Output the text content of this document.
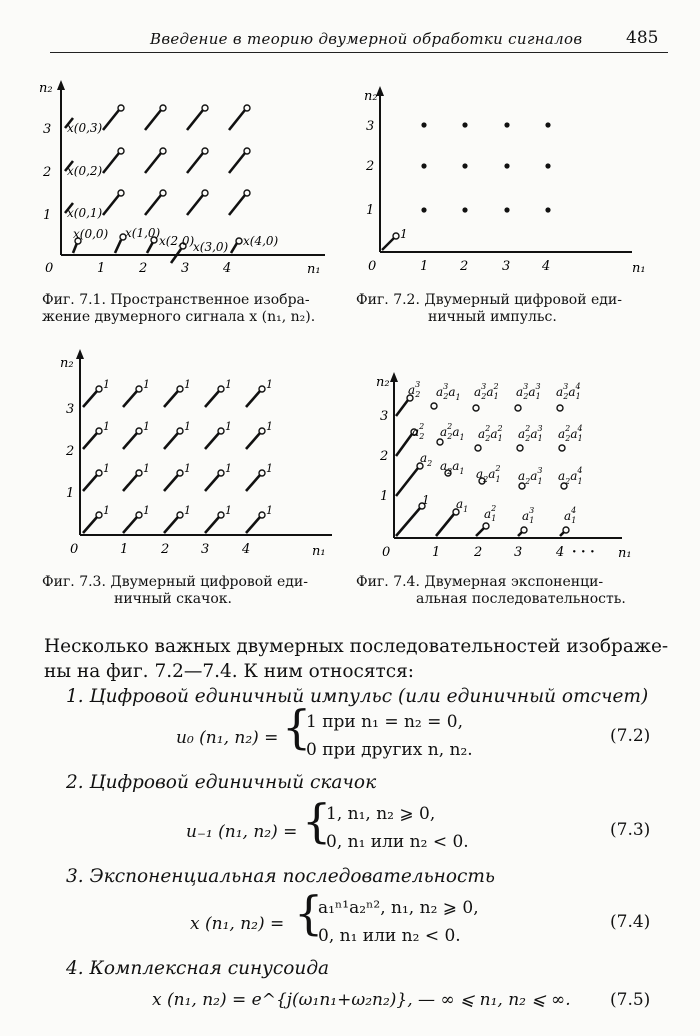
Введение в теорию двумерной обработки сигналов	485
n₂
n₁
0	1	2	3	4
1
2
3 x(0,3)
x(0,2)
x(0,1)
x(0,0) x(1,0)
x(2,0)
x(3,0) x(4,0)
Фиг. 7.1. Пространственное изобра-
жение двумерного сигнала x (n₁, n₂).
n₂
n₁
0	1 2	3 4
1
2
3
1
Фиг. 7.2. Двумерный цифровой еди-
ничный импульс.
n₂
n₁
0	1	2 3	4
1
2
3
1	1	1	1	1
1	1	1	1	1
1	1	1	1	1
1	1	1	1	1
Фиг. 7.3. Двумерный цифровой еди-
ничный скачок.
n₂
n₁
0	1	2 3	4 · · ·
1
2
3
1 $a_1$ $a^2$ 1 $a^3$ 1 $a^4$ 1
$a_2$ $a_2a_1$ $a_2a^2$ 1 $a_2a^3$ 1 $a_2a^4$ 1
$a^2$ 2 $a^2$ $2a_1$ $a^2$ $2a^2$ 1 $a^2$ $2a^3$ 1 $a^2$ $2a^4$ 1
$a^3$ 2 $a^3$ $2a_1$ $a^3$ $2a^2$ 1 $a^3$ $2a^3$ 1 $a^3$ $2a^4$ 1
Фиг. 7.4. Двумерная экспоненци-
альная последовательность.
Несколько важных двумерных последовательностей изображе-
ны на фиг. 7.2—7.4. К ним относятся:
1. Цифровой единичный импульс (или единичный отсчет)
u₀ (n₁, n₂) = {
1 при n₁ = n₂ = 0,
0 при других n, n₂.
(7.2)
2. Цифровой единичный скачок
u₋₁ (n₁, n₂) = {
1, n₁, n₂ ⩾ 0,
0, n₁ или n₂ < 0.
(7.3)
3. Экспоненциальная последовательность
x (n₁, n₂) = {
a₁ⁿ¹a₂ⁿ², n₁, n₂ ⩾ 0,
0, n₁ или n₂ < 0.
(7.4)
4. Комплексная синусоида
x (n₁, n₂) = e^{j(ω₁n₁+ω₂n₂)}, — ∞ ⩽ n₁, n₂ ⩽ ∞. (7.5)
